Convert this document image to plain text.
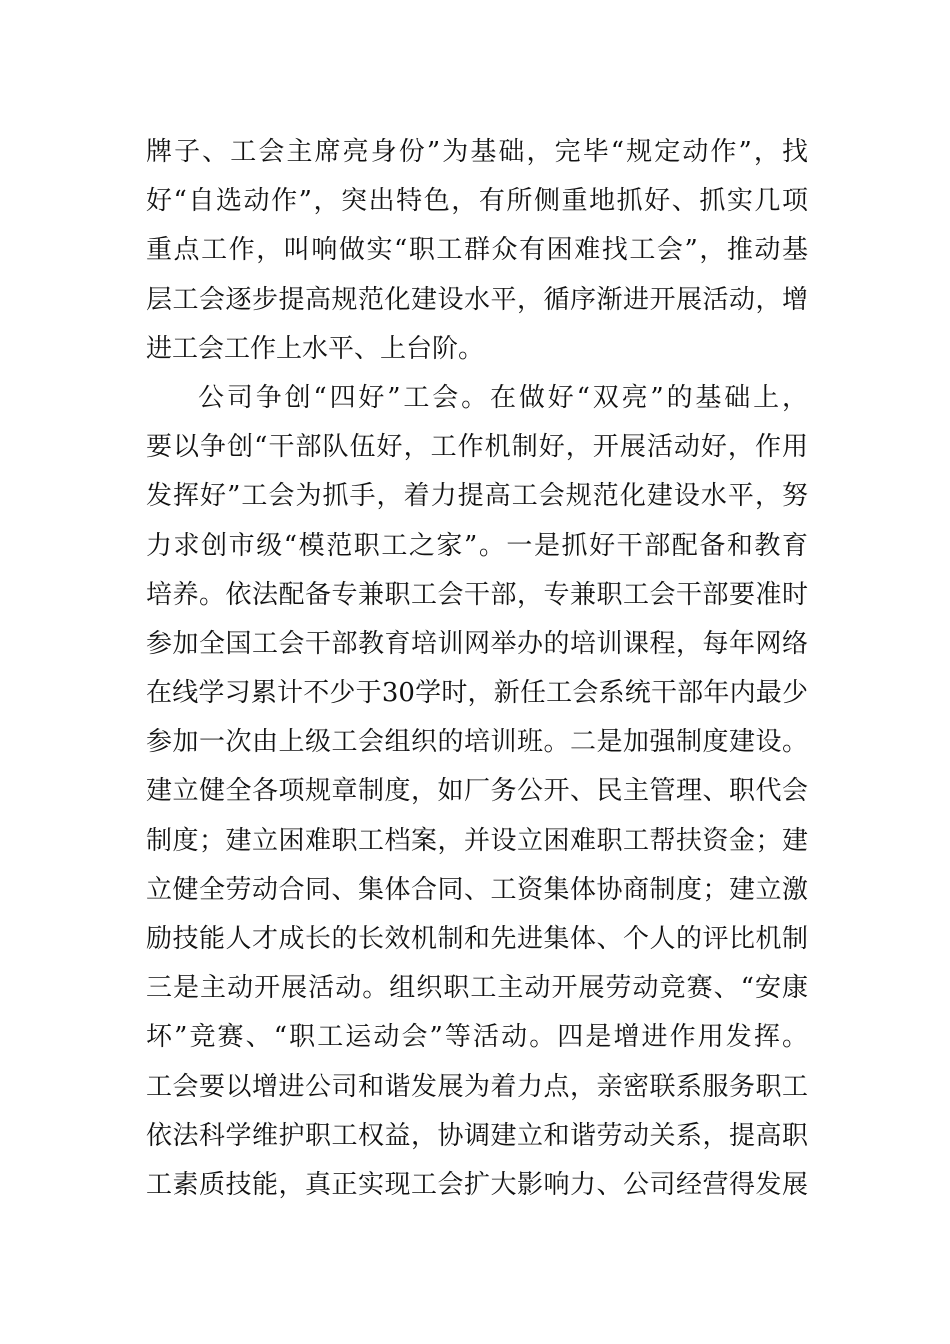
牌子、工会主席亮身份”为基础，完毕“规定动作”，找
好“自选动作”，突出特色，有所侧重地抓好、抓实几项
重点工作，叫响做实“职工群众有困难找工会”，推动基
层工会逐步提高规范化建设水平，循序渐进开展活动，增
进工会工作上水平、上台阶。
公司争创“四好”工会。在做好“双亮”的基础上，
要以争创“干部队伍好，工作机制好，开展活动好，作用
发挥好”工会为抓手，着力提高工会规范化建设水平，努
力求创市级“模范职工之家”。一是抓好干部配备和教育
培养。依法配备专兼职工会干部，专兼职工会干部要准时
参加全国工会干部教育培训网举办的培训课程，每年网络
在线学习累计不少于30学时，新任工会系统干部年内最少
参加一次由上级工会组织的培训班。二是加强制度建设。
建立健全各项规章制度，如厂务公开、民主管理、职代会
制度；建立困难职工档案，并设立困难职工帮扶资金；建
立健全劳动合同、集体合同、工资集体协商制度；建立激
励技能人才成长的长效机制和先进集体、个人的评比机制
三是主动开展活动。组织职工主动开展劳动竞赛、“安康
坏”竞赛、“职工运动会”等活动。四是增进作用发挥。
工会要以增进公司和谐发展为着力点，亲密联系服务职工
依法科学维护职工权益，协调建立和谐劳动关系，提高职
工素质技能，真正实现工会扩大影响力、公司经营得发展
